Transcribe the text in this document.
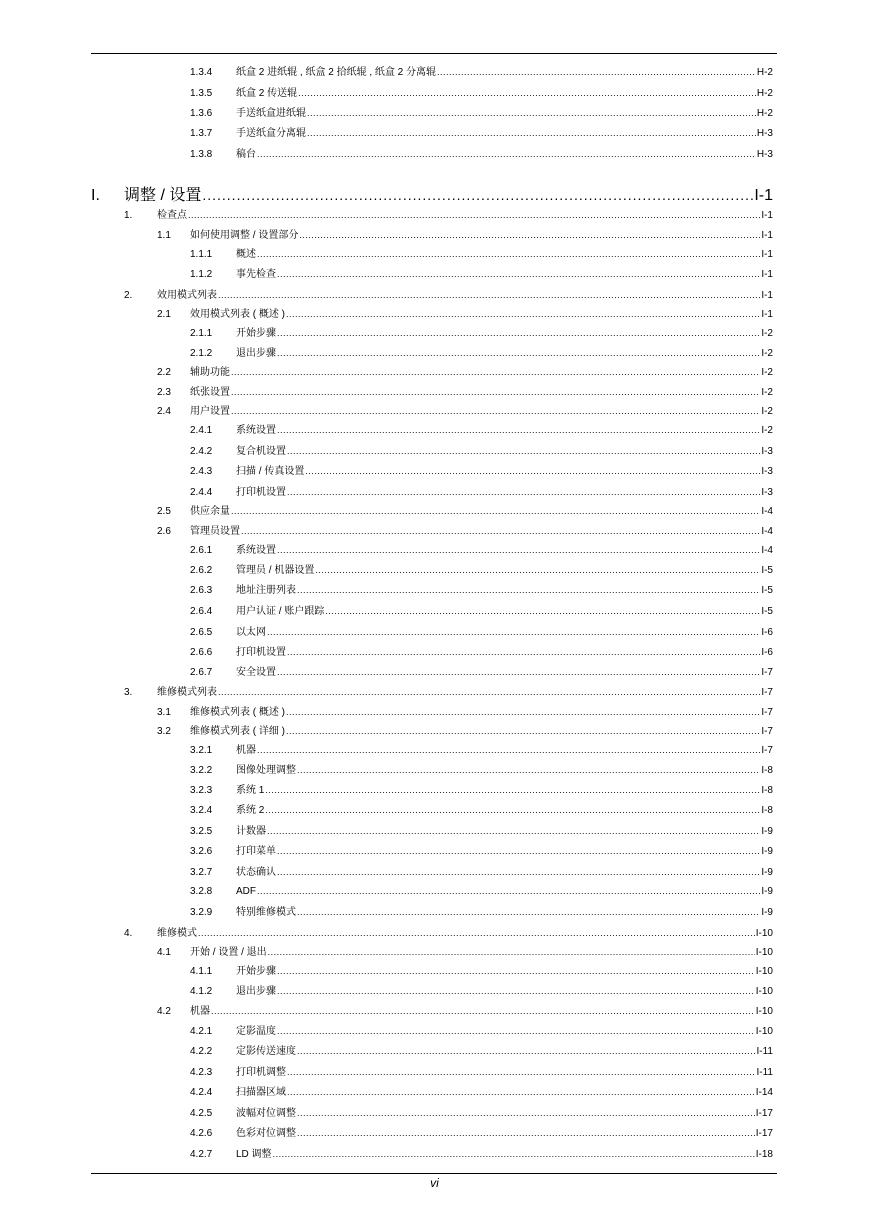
1.3.4	纸盒 2 进纸辊 , 纸盒 2 拾纸辊 , 纸盒 2 分离辊 .....	H-2
1.3.5	纸盒 2 传送辊 .....	H-2
1.3.6	手送纸盒进纸辊 .....	H-2
1.3.7	手送纸盒分离辊 .....	H-3
1.3.8	稿台 .....	H-3
I.	调整 / 设置 .....	I-1
1.	检查点 .....	I-1
1.1	如何使用调整 / 设置部分 .....	I-1
1.1.1	概述 .....	I-1
1.1.2	事先检查 .....	I-1
2.	效用模式列表 .....	I-1
2.1	效用模式列表 ( 概述 ) .....	I-1
2.1.1	开始步骤 .....	I-2
2.1.2	退出步骤 .....	I-2
2.2	辅助功能 .....	I-2
2.3	纸张设置 .....	I-2
2.4	用户设置 .....	I-2
2.4.1	系统设置 .....	I-2
2.4.2	复合机设置 .....	I-3
2.4.3	扫描 / 传真设置 .....	I-3
2.4.4	打印机设置 .....	I-3
2.5	供应余量 .....	I-4
2.6	管理员设置 .....	I-4
2.6.1	系统设置 .....	I-4
2.6.2	管理员 / 机器设置 .....	I-5
2.6.3	地址注册列表 .....	I-5
2.6.4	用户认证 / 账户跟踪 .....	I-5
2.6.5	以太网 .....	I-6
2.6.6	打印机设置 .....	I-6
2.6.7	安全设置 .....	I-7
3.	维修模式列表 .....	I-7
3.1	维修模式列表 ( 概述 ) .....	I-7
3.2	维修模式列表 ( 详细 ) .....	I-7
3.2.1	机器 .....	I-7
3.2.2	图像处理调整 .....	I-8
3.2.3	系统 1 .....	I-8
3.2.4	系统 2 .....	I-8
3.2.5	计数器 .....	I-9
3.2.6	打印菜单 .....	I-9
3.2.7	状态确认 .....	I-9
3.2.8	ADF .....	I-9
3.2.9	特别维修模式 .....	I-9
4.	维修模式 .....	I-10
4.1	开始 / 设置 / 退出 .....	I-10
4.1.1	开始步骤 .....	I-10
4.1.2	退出步骤 .....	I-10
4.2	机器 .....	I-10
4.2.1	定影温度 .....	I-10
4.2.2	定影传送速度 .....	I-11
4.2.3	打印机调整 .....	I-11
4.2.4	扫描器区域 .....	I-14
4.2.5	波幅对位调整 .....	I-17
4.2.6	色彩对位调整 .....	I-17
4.2.7	LD 调整 .....	I-18
vi
